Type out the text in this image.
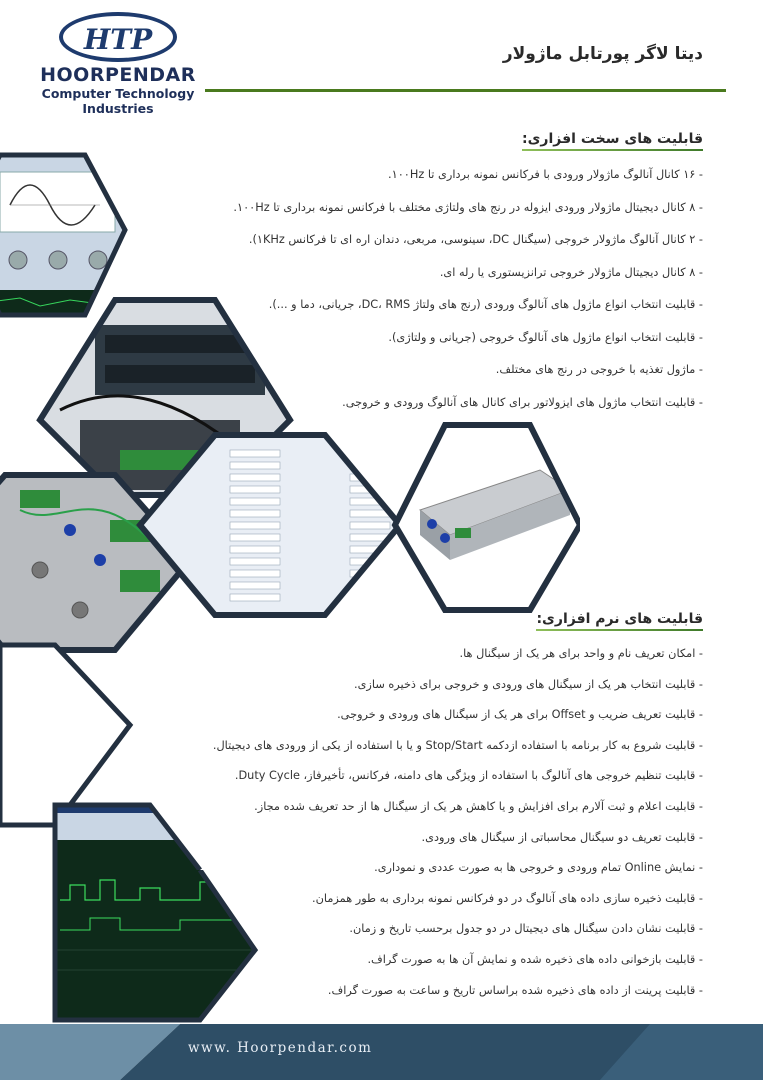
HTP
HOORPENDAR
Computer Technology
Industries
دیتا لاگر پورتابل ماژولار
قابلیت های سخت افزاری:
- ۱۶ کانال آنالوگ ماژولار ورودی با فرکانس نمونه برداری تا ۱۰۰Hz.
- ۸ کانال دیجیتال ماژولار ورودی ایزوله در رنج های ولتاژی مختلف با فرکانس نمونه برداری تا ۱۰۰Hz.
- ۲ کانال آنالوگ ماژولار خروجی (سیگنال DC، سینوسی، مربعی، دندان اره ای تا فرکانس ۱KHz).
- ۸ کانال دیجیتال ماژولار خروجی ترانزیستوری یا رله ای.
- قابلیت انتخاب انواع ماژول های آنالوگ ورودی (رنج های ولتاژ DC، RMS، جریانی، دما و ...).
- قابلیت انتخاب انواع ماژول های آنالوگ خروجی (جریانی و ولتاژی).
- ماژول تغذیه با خروجی در رنج های مختلف.
- قابلیت انتخاب ماژول های ایزولاتور برای کانال های آنالوگ ورودی و خروجی.
قابلیت های نرم افزاری:
- امکان تعریف نام و واحد برای هر یک از سیگنال ها.
- قابلیت انتخاب هر یک از سیگنال های ورودی و خروجی برای ذخیره سازی.
- قابلیت تعریف ضریب و Offset برای هر یک از سیگنال های ورودی و خروجی.
- قابلیت شروع به کار برنامه با استفاده ازدکمه Stop/Start و یا با استفاده از یکی از ورودی های دیجیتال.
- قابلیت تنظیم خروجی های آنالوگ با استفاده از ویژگی های دامنه، فرکانس، تأخیرفاز، Duty Cycle.
- قابلیت اعلام و ثبت آلارم برای افزایش و یا کاهش هر یک از سیگنال ها از حد تعریف شده مجاز.
- قابلیت تعریف دو سیگنال محاسباتی از سیگنال های ورودی.
- نمایش Online تمام ورودی و خروجی ها به صورت عددی و نموداری.
- قابلیت ذخیره سازی داده های آنالوگ در دو فرکانس نمونه برداری به طور همزمان.
- قابلیت نشان دادن سیگنال های دیجیتال در دو جدول برحسب تاریخ و زمان.
- قابلیت بازخوانی داده های ذخیره شده و نمایش آن ها به صورت گراف.
- قابلیت پرینت از داده های ذخیره شده براساس تاریخ و ساعت به صورت گراف.
www. Hoorpendar.com
